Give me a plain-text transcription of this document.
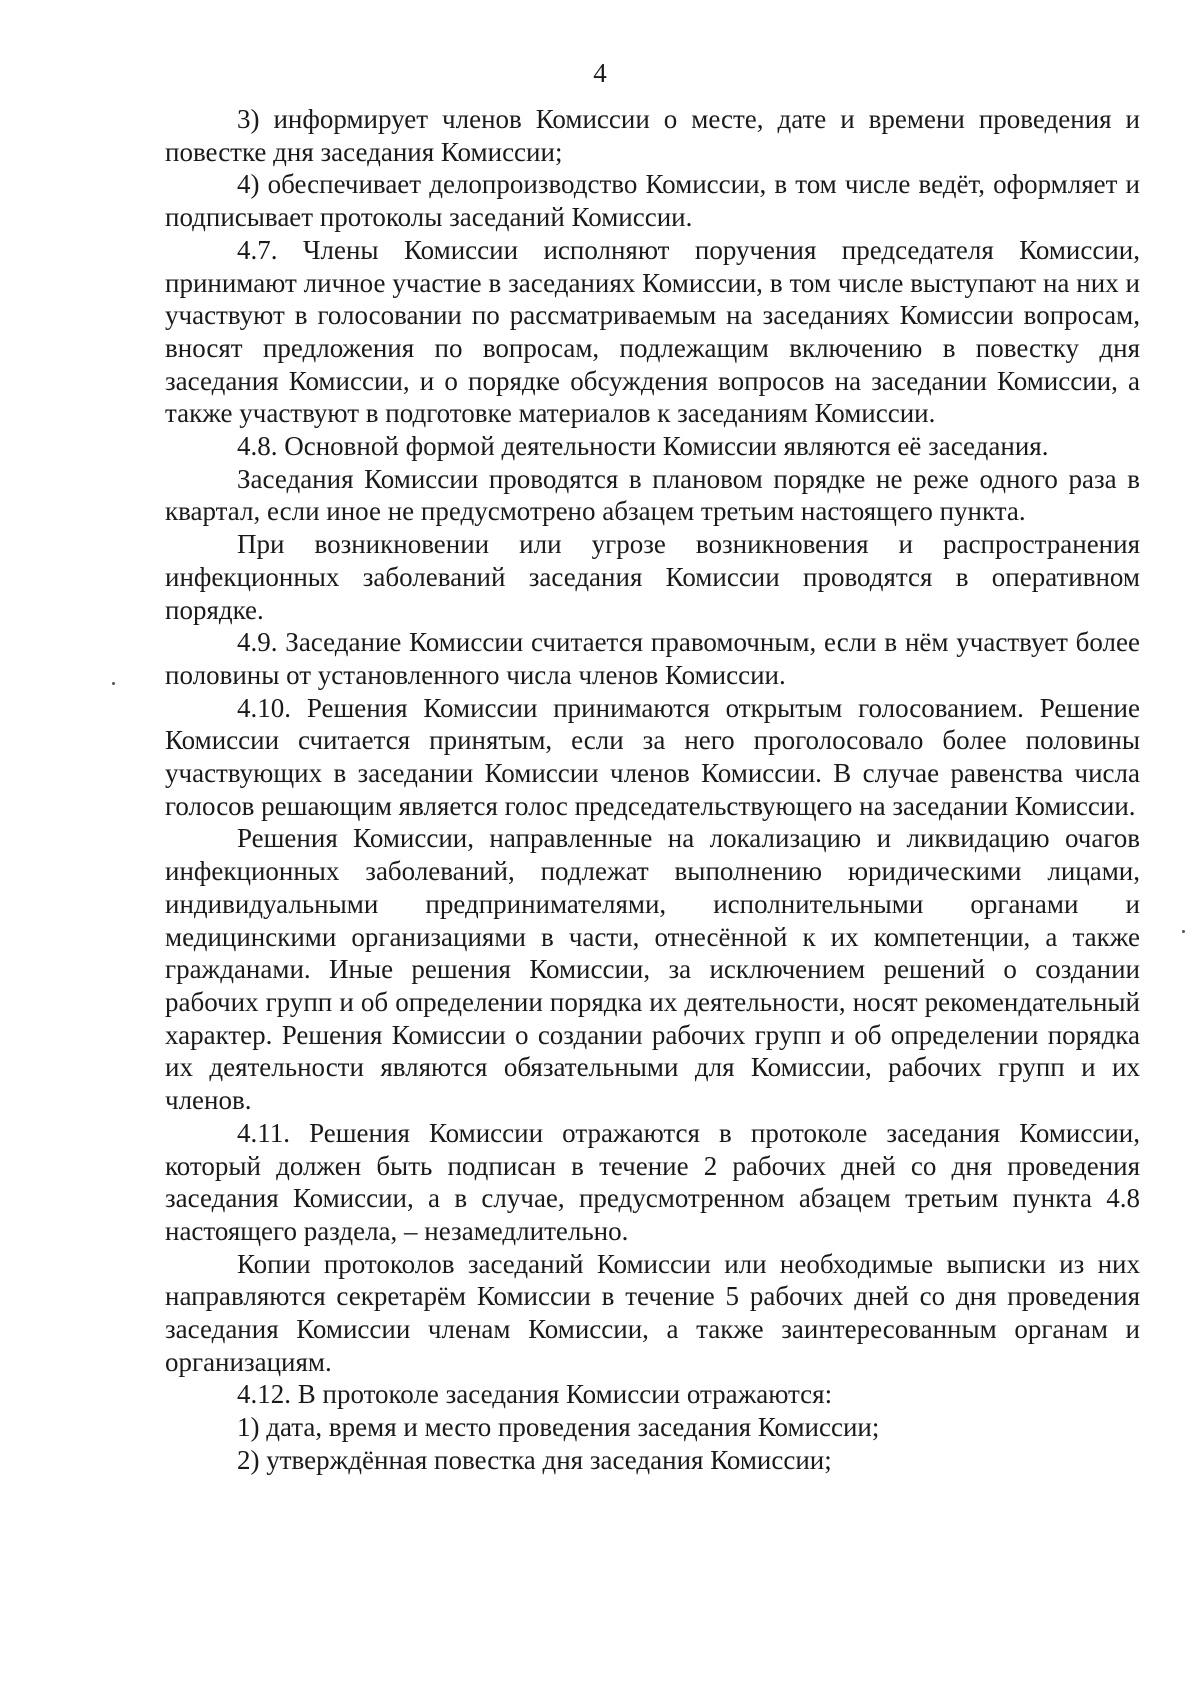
4

3) информирует членов Комиссии о месте, дате и времени проведения и повестке дня заседания Комиссии;

4) обеспечивает делопроизводство Комиссии, в том числе ведёт, оформляет и подписывает протоколы заседаний Комиссии.

4.7. Члены Комиссии исполняют поручения председателя Комиссии, принимают личное участие в заседаниях Комиссии, в том числе выступают на них и участвуют в голосовании по рассматриваемым на заседаниях Комиссии вопросам, вносят предложения по вопросам, подлежащим включению в повестку дня заседания Комиссии, и о порядке обсуждения вопросов на заседании Комиссии, а также участвуют в подготовке материалов к заседаниям Комиссии.

4.8. Основной формой деятельности Комиссии являются её заседания.

Заседания Комиссии проводятся в плановом порядке не реже одного раза в квартал, если иное не предусмотрено абзацем третьим настоящего пункта.

При возникновении или угрозе возникновения и распространения инфекционных заболеваний заседания Комиссии проводятся в оперативном порядке.

4.9. Заседание Комиссии считается правомочным, если в нём участвует более половины от установленного числа членов Комиссии.

4.10. Решения Комиссии принимаются открытым голосованием. Решение Комиссии считается принятым, если за него проголосовало более половины участвующих в заседании Комиссии членов Комиссии. В случае равенства числа голосов решающим является голос председательствующего на заседании Комиссии.

Решения Комиссии, направленные на локализацию и ликвидацию очагов инфекционных заболеваний, подлежат выполнению юридическими лицами, индивидуальными предпринимателями, исполнительными органами и медицинскими организациями в части, отнесённой к их компетенции, а также гражданами. Иные решения Комиссии, за исключением решений о создании рабочих групп и об определении порядка их деятельности, носят рекомендательный характер. Решения Комиссии о создании рабочих групп и об определении порядка их деятельности являются обязательными для Комиссии, рабочих групп и их членов.

4.11. Решения Комиссии отражаются в протоколе заседания Комиссии, который должен быть подписан в течение 2 рабочих дней со дня проведения заседания Комиссии, а в случае, предусмотренном абзацем третьим пункта 4.8 настоящего раздела, – незамедлительно.

Копии протоколов заседаний Комиссии или необходимые выписки из них направляются секретарём Комиссии в течение 5 рабочих дней со дня проведения заседания Комиссии членам Комиссии, а также заинтересованным органам и организациям.

4.12. В протоколе заседания Комиссии отражаются:

1) дата, время и место проведения заседания Комиссии;

2) утверждённая повестка дня заседания Комиссии;
